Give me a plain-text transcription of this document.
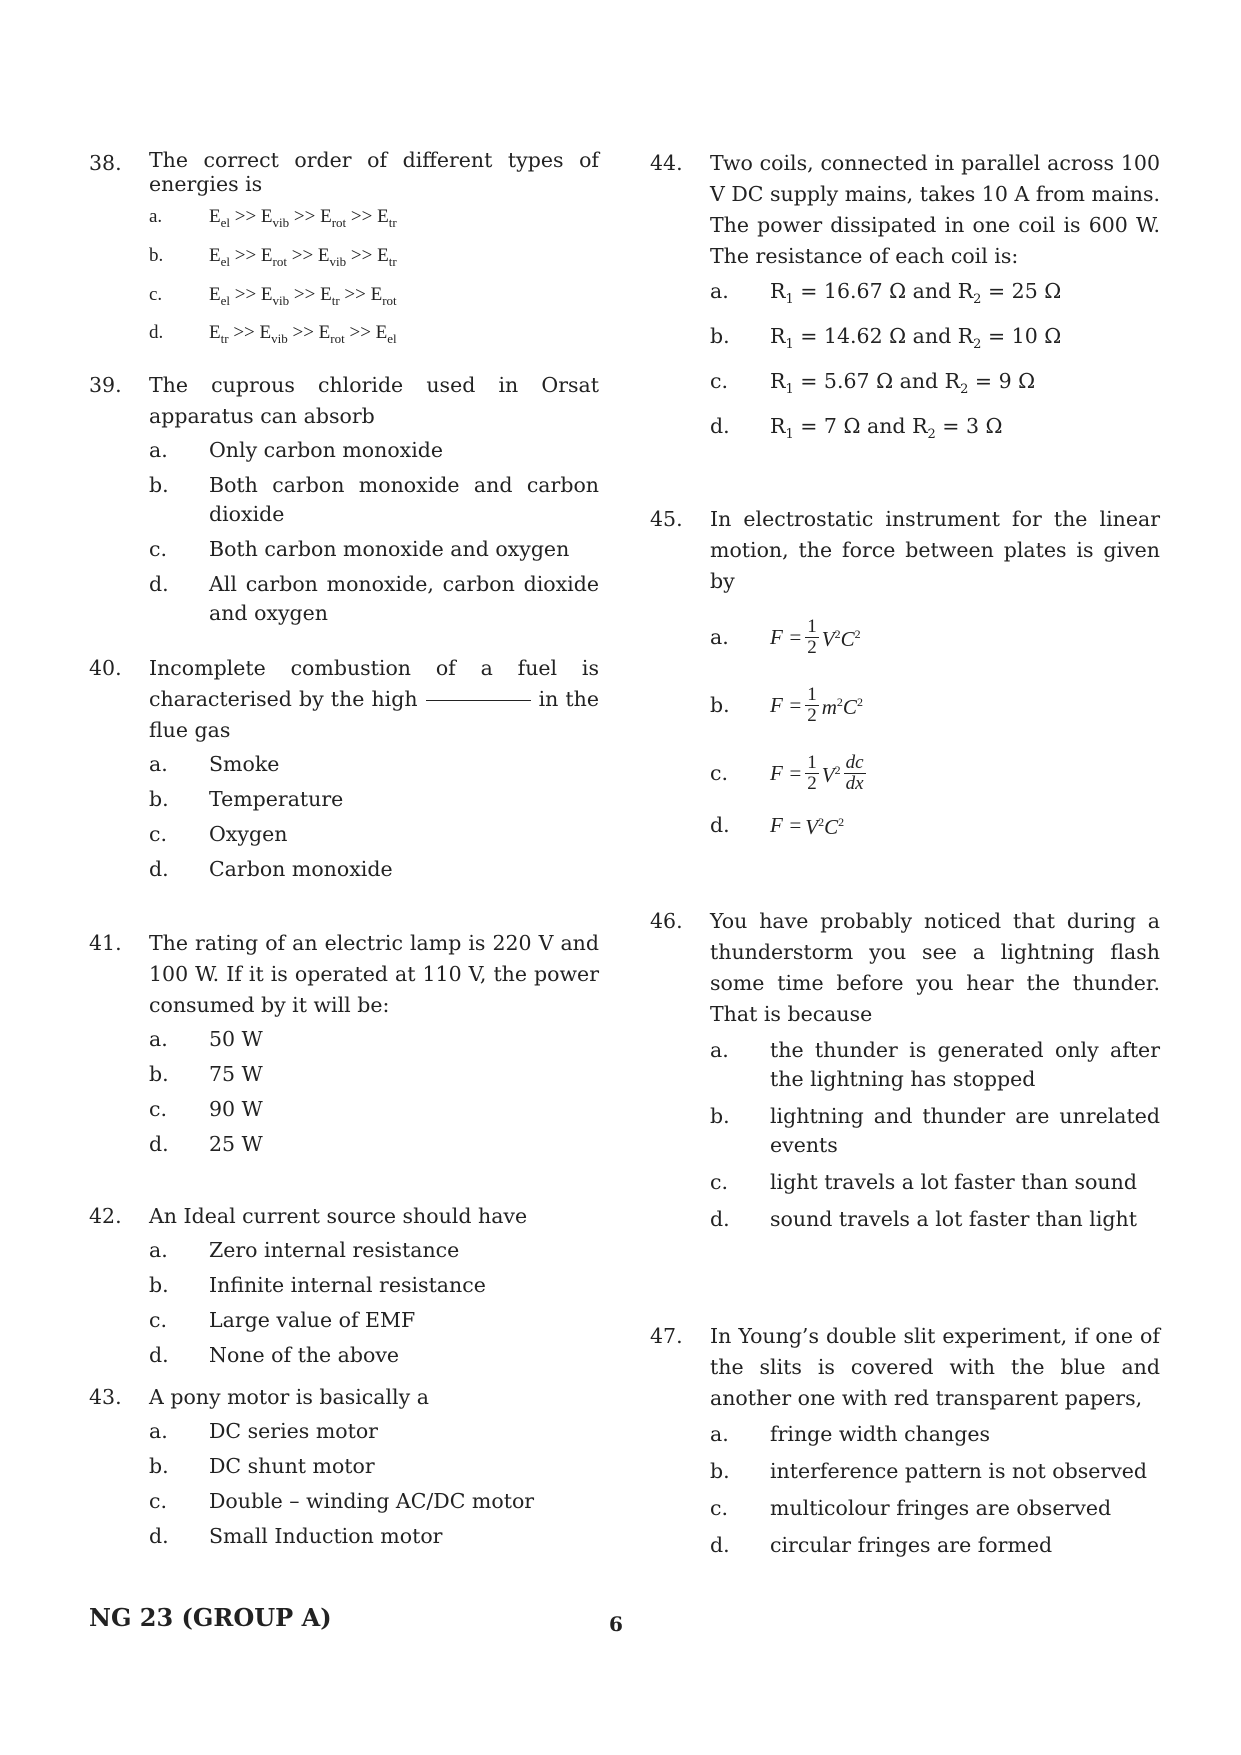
38.	The correct order of different types of energies is
a.	$E_{el} >> E_{vib} >> E_{rot} >> E_{tr}$
b.	$E_{el} >> E_{rot} >> E_{vib} >> E_{tr}$
c.	$E_{el} >> E_{vib} >> E_{tr} >> E_{rot}$
d.	$E_{tr} >> E_{vib} >> E_{rot} >> E_{el}$
39.	The cuprous chloride used in Orsat apparatus can absorb
a.	Only carbon monoxide
b.	Both carbon monoxide and carbon dioxide
c.	Both carbon monoxide and oxygen
d.	All carbon monoxide, carbon dioxide and oxygen
40.	Incomplete combustion of a fuel is characterised by the high	in the flue gas
a.	Smoke
b.	Temperature
c.	Oxygen
d.	Carbon monoxide
41.	The rating of an electric lamp is 220 V and 100 W. If it is operated at 110 V, the power consumed by it will be:
a.	50 W
b.	75 W
c.	90 W
d.	25 W
42.	An Ideal current source should have
a.	Zero internal resistance
b.	Infinite internal resistance
c.	Large value of EMF
d.	None of the above
43.	A pony motor is basically a
a.	DC series motor
b.	DC shunt motor
c.	Double – winding AC/DC motor
d.	Small Induction motor
44.	Two coils, connected in parallel across 100 V DC supply mains, takes 10 A from mains. The power dissipated in one coil is 600 W. The resistance of each coil is:
a.	$R_1 = 16.67$ Ω and $R_2 = 25$ Ω
b.	$R_1 = 14.62$ Ω and $R_2 = 10$ Ω
c.	$R_1 = 5.67$ Ω and $R_2 = 9$ Ω
d.	$R_1 = 7$ Ω and $R_2 = 3$ Ω
45.	In electrostatic instrument for the linear motion, the force between plates is given by
a.	$F = \frac{1}{2} V^2C^2$
b.	$F = \frac{1}{2} m^2C^2$
c.	$F = \frac{1}{2} V^2 \frac{dc}{dx}$
d.	$F = V^2C^2$
46.	You have probably noticed that during a thunderstorm you see a lightning flash some time before you hear the thunder. That is because
a.	the thunder is generated only after the lightning has stopped
b.	lightning and thunder are unrelated events
c.	light travels a lot faster than sound
d.	sound travels a lot faster than light
47.	In Young’s double slit experiment, if one of the slits is covered with the blue and another one with red transparent papers,
a.	fringe width changes
b.	interference pattern is not observed
c.	multicolour fringes are observed
d.	circular fringes are formed
NG 23 (GROUP A)	6
